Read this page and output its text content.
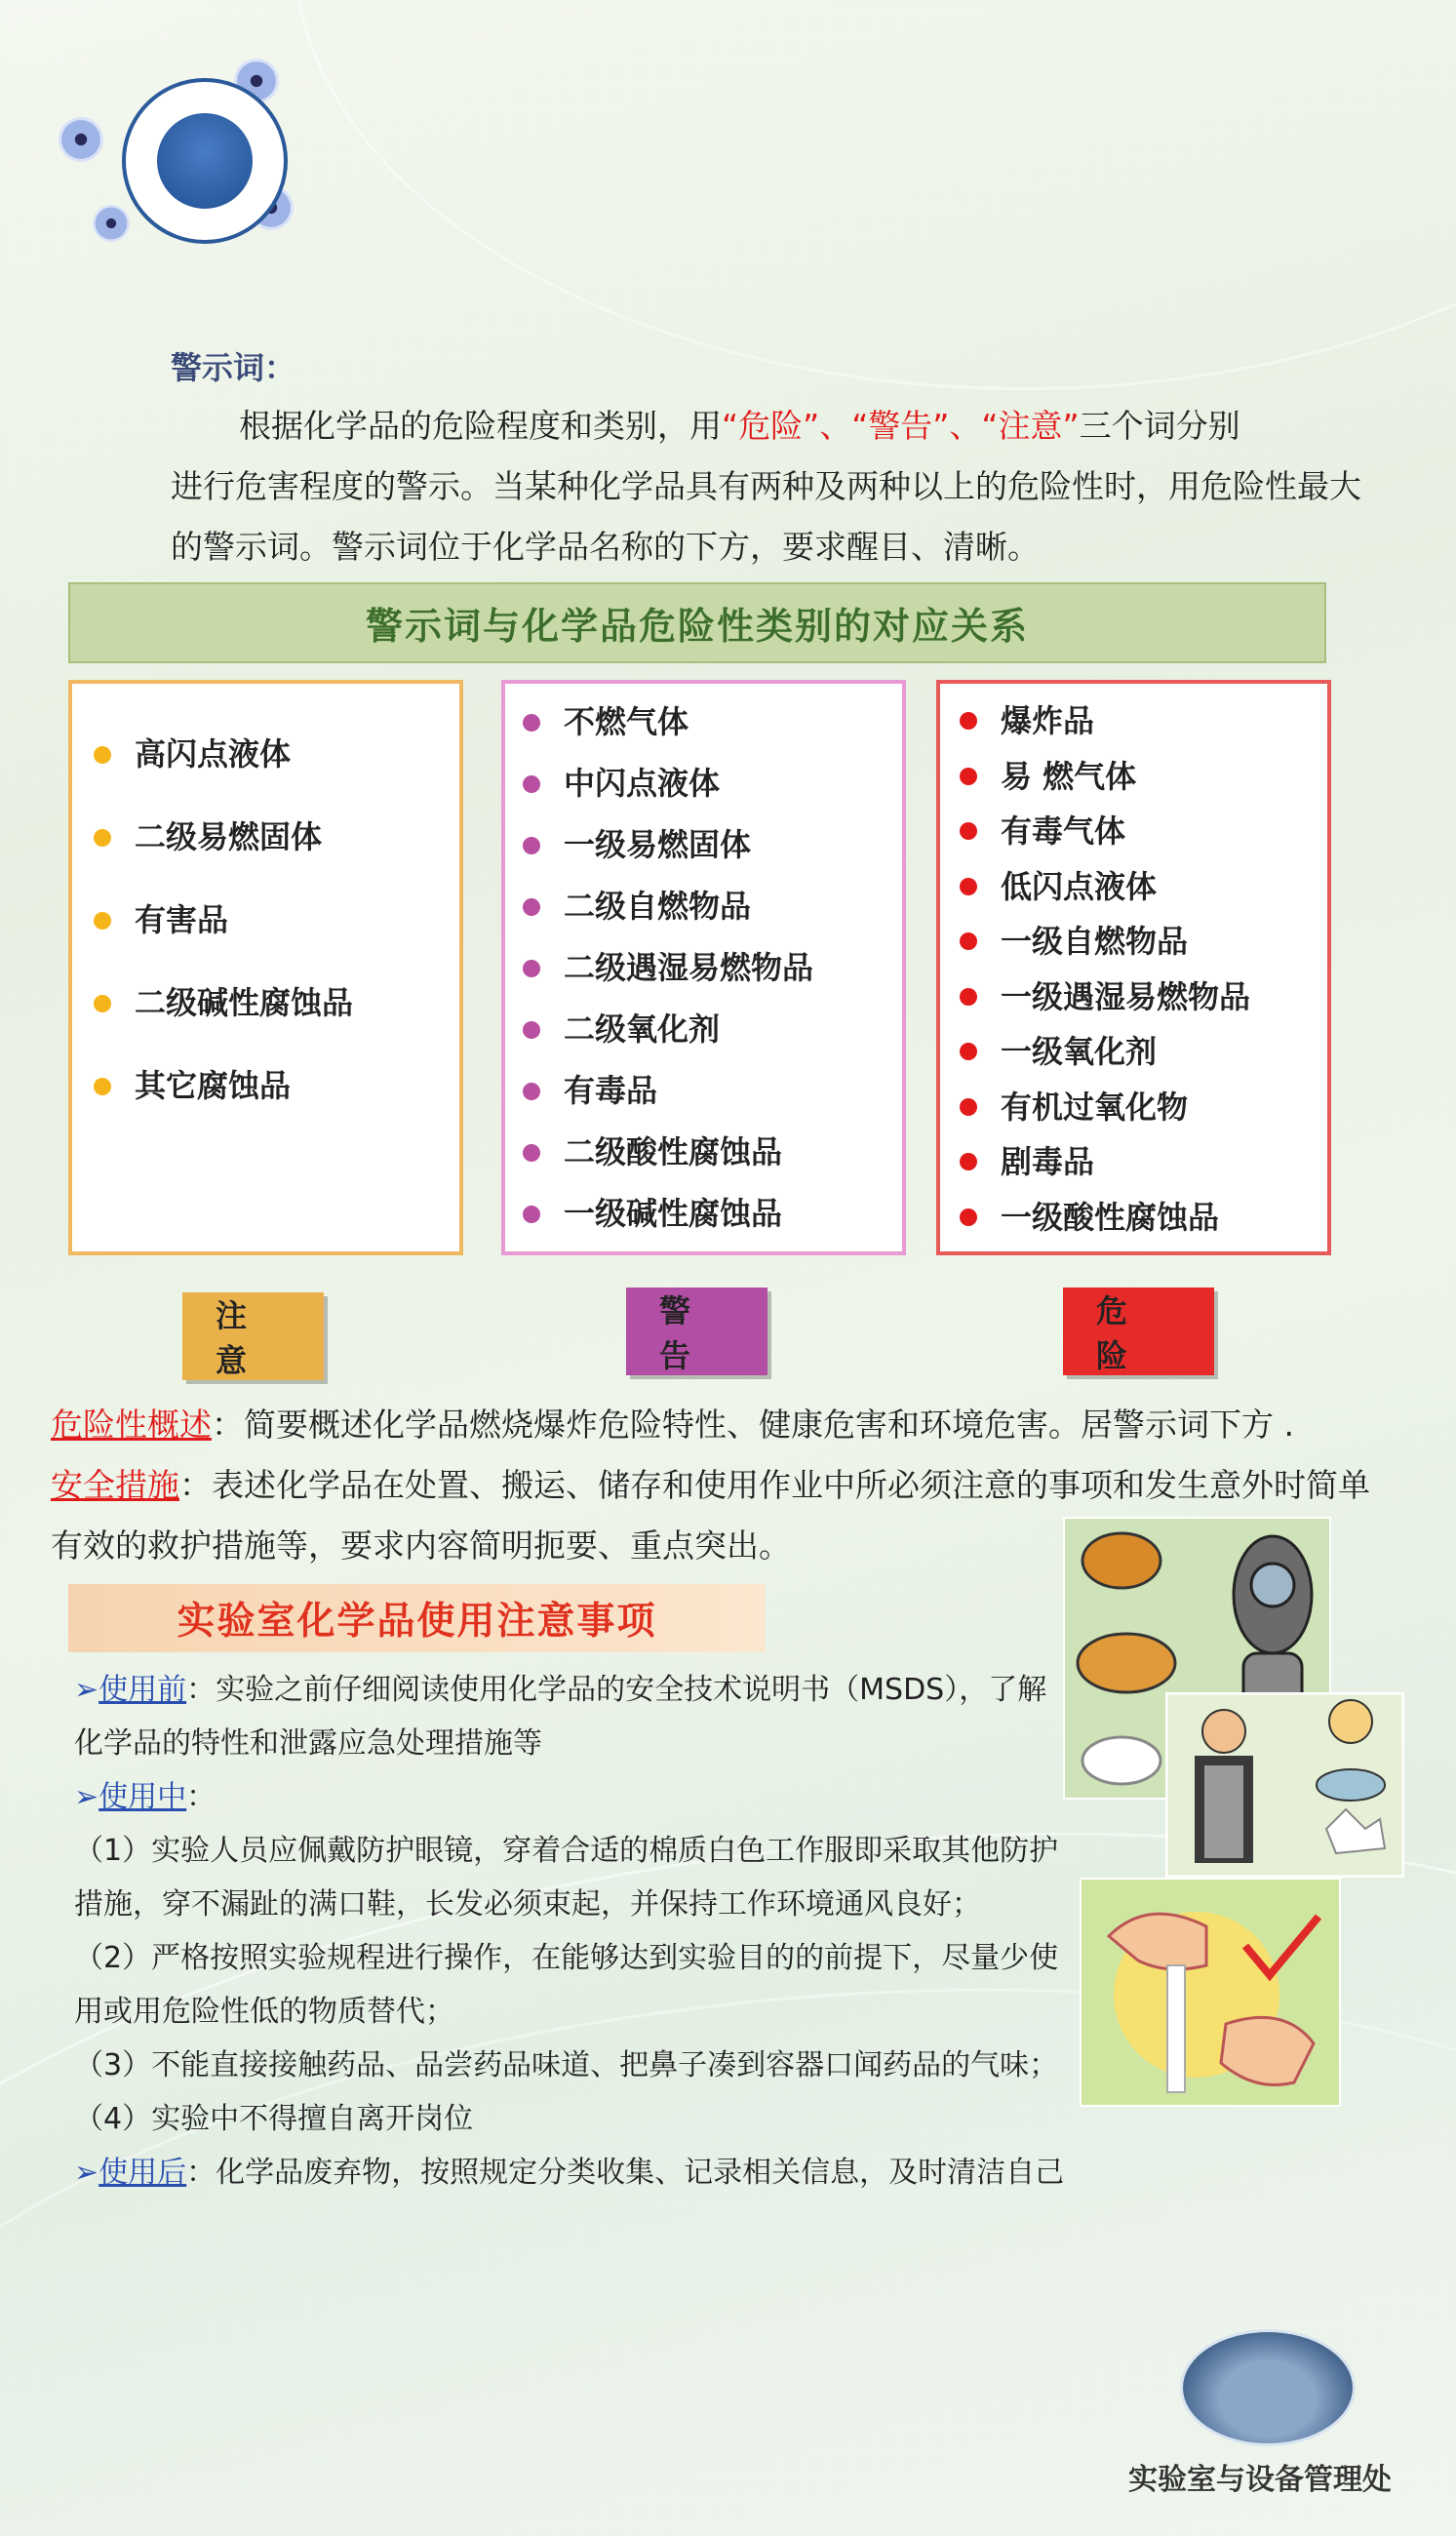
警示词：
根据化学品的危险程度和类别，用“危险”、“警告”、“注意”三个词分别
进行危害程度的警示。当某种化学品具有两种及两种以上的危险性时，用危险性最大
的警示词。警示词位于化学品名称的下方，要求醒目、清晰。
警示词与化学品危险性类别的对应关系
高闪点液体
二级易燃固体
有害品
二级碱性腐蚀品
其它腐蚀品
不燃气体
中闪点液体
一级易燃固体
二级自燃物品
二级遇湿易燃物品
二级氧化剂
有毒品
二级酸性腐蚀品
一级碱性腐蚀品
爆炸品
易 燃气体
有毒气体
低闪点液体
一级自燃物品
一级遇湿易燃物品
一级氧化剂
有机过氧化物
剧毒品
一级酸性腐蚀品
注意
警告
危险
危险性概述：简要概述化学品燃烧爆炸危险特性、健康危害和环境危害。居警示词下方 .
安全措施：表述化学品在处置、搬运、储存和使用作业中所必须注意的事项和发生意外时简单
有效的救护措施等，要求内容简明扼要、重点突出。
实验室化学品使用注意事项
➢使用前：实验之前仔细阅读使用化学品的安全技术说明书（MSDS），了解
化学品的特性和泄露应急处理措施等
➢使用中：
（1）实验人员应佩戴防护眼镜，穿着合适的棉质白色工作服即采取其他防护
措施，穿不漏趾的满口鞋，长发必须束起，并保持工作环境通风良好；
（2）严格按照实验规程进行操作，在能够达到实验目的的前提下，尽量少使
用或用危险性低的物质替代；
（3）不能直接接触药品、品尝药品味道、把鼻子凑到容器口闻药品的气味；
（4）实验中不得擅自离开岗位
➢使用后：化学品废弃物，按照规定分类收集、记录相关信息，及时清洁自己
实验室与设备管理处
